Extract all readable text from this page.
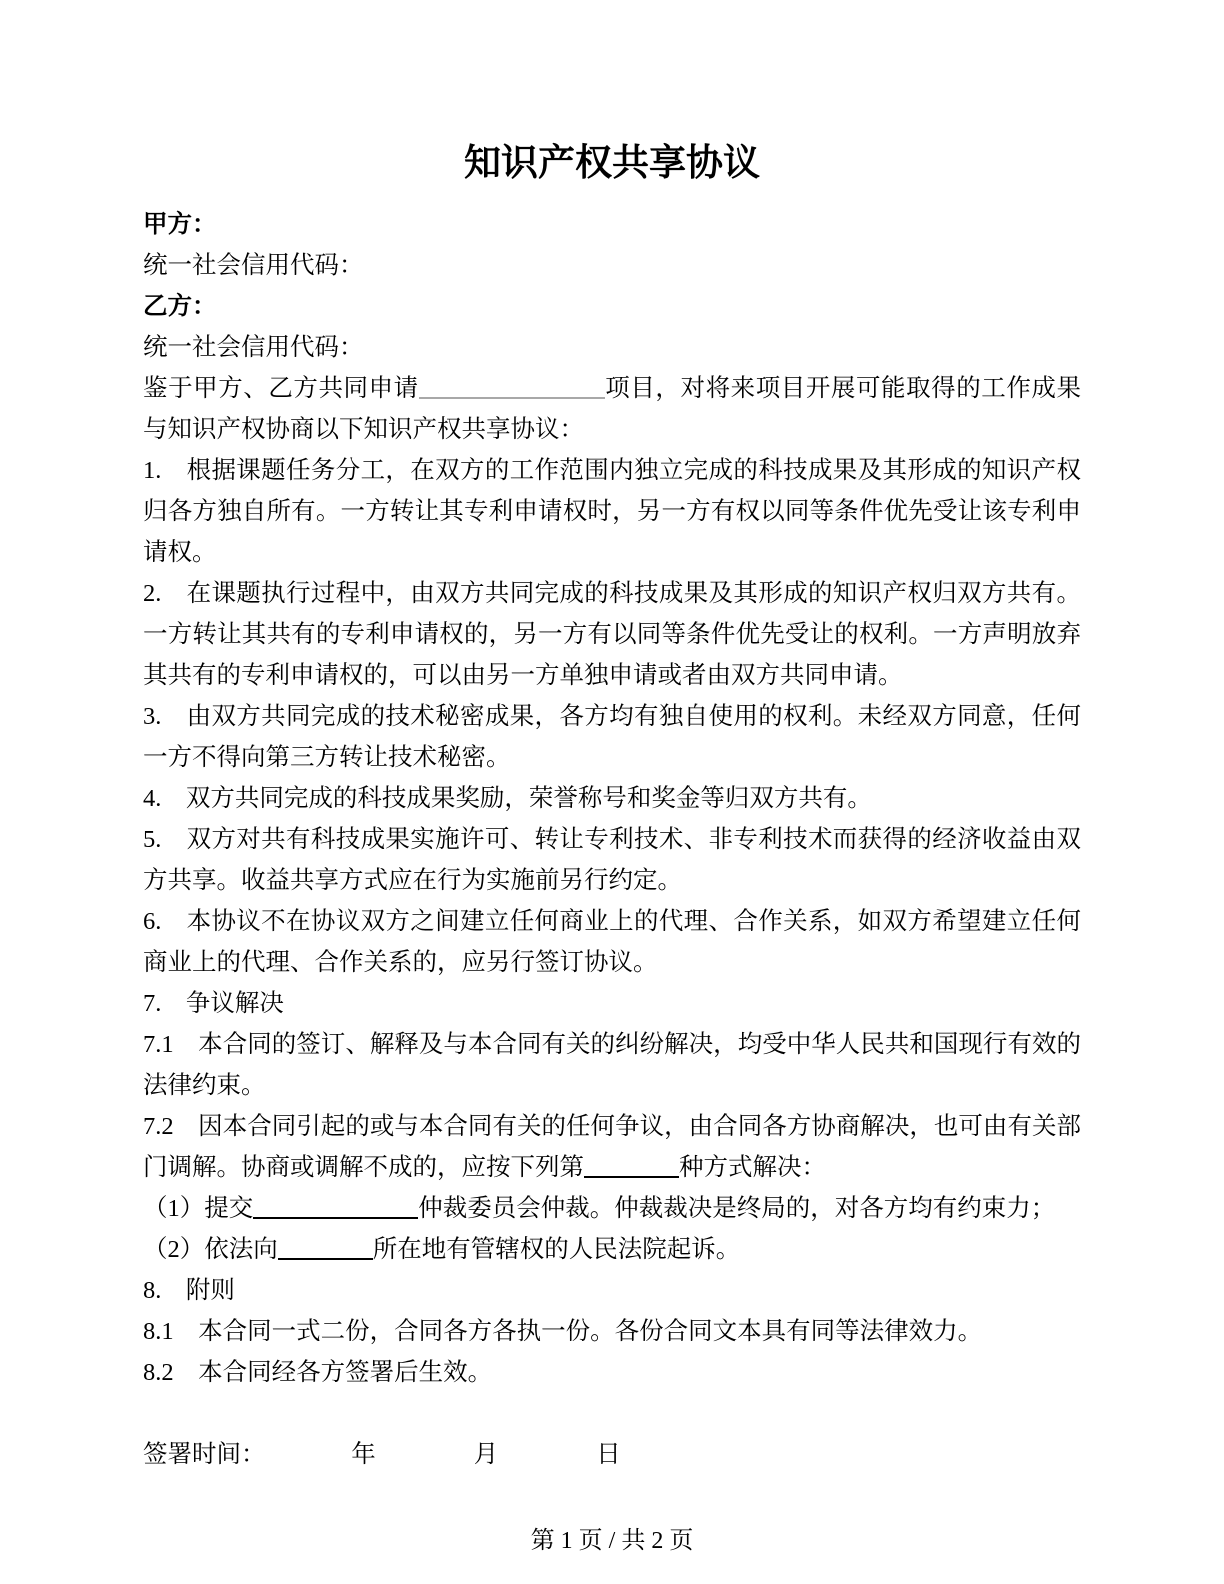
知识产权共享协议

甲方：

统一社会信用代码：

乙方：

统一社会信用代码：

鉴于甲方、乙方共同申请	项目，对将来项目开展可能取得的工作成果与知识产权协商以下知识产权共享协议：

1.　根据课题任务分工，在双方的工作范围内独立完成的科技成果及其形成的知识产权归各方独自所有。一方转让其专利申请权时，另一方有权以同等条件优先受让该专利申请权。

2.　在课题执行过程中，由双方共同完成的科技成果及其形成的知识产权归双方共有。一方转让其共有的专利申请权的，另一方有以同等条件优先受让的权利。一方声明放弃其共有的专利申请权的，可以由另一方单独申请或者由双方共同申请。

3.　由双方共同完成的技术秘密成果，各方均有独自使用的权利。未经双方同意，任何一方不得向第三方转让技术秘密。

4.　双方共同完成的科技成果奖励，荣誉称号和奖金等归双方共有。

5.　双方对共有科技成果实施许可、转让专利技术、非专利技术而获得的经济收益由双方共享。收益共享方式应在行为实施前另行约定。

6.　本协议不在协议双方之间建立任何商业上的代理、合作关系，如双方希望建立任何商业上的代理、合作关系的，应另行签订协议。

7.　争议解决

7.1　本合同的签订、解释及与本合同有关的纠纷解决，均受中华人民共和国现行有效的法律约束。

7.2　因本合同引起的或与本合同有关的任何争议，由合同各方协商解决，也可由有关部门调解。协商或调解不成的，应按下列第	种方式解决：

（1）提交	仲裁委员会仲裁。仲裁裁决是终局的，对各方均有约束力；

（2）依法向	所在地有管辖权的人民法院起诉。

8.　附则

8.1　本合同一式二份，合同各方各执一份。各份合同文本具有同等法律效力。

8.2　本合同经各方签署后生效。

签署时间：　　　　年　　　　月　　　　日

第 1 页 / 共 2 页
